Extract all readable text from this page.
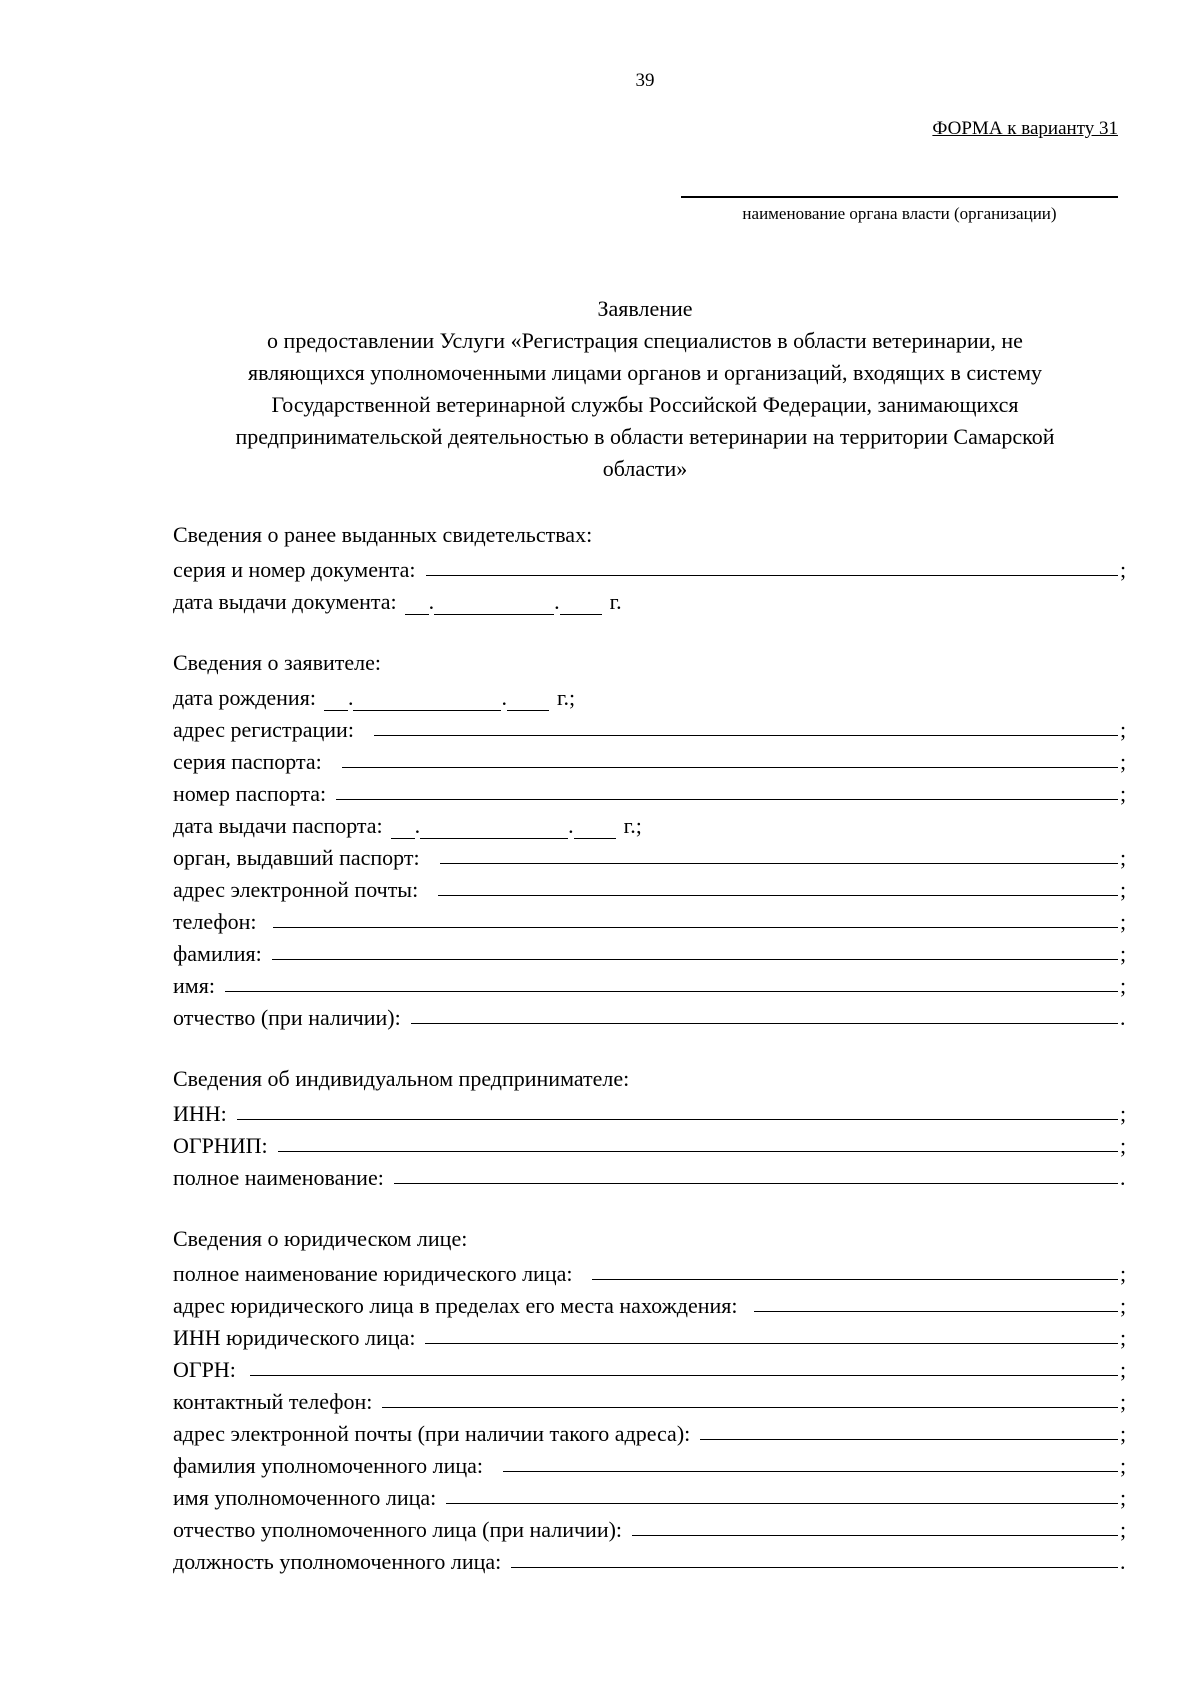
39
ФОРМА к варианту 31
наименование органа власти (организации)
Заявление
о предоставлении Услуги «Регистрация специалистов в области ветеринарии, не
являющихся уполномоченными лицами органов и организаций, входящих в систему
Государственной ветеринарной службы Российской Федерации, занимающихся
предпринимательской деятельностью в области ветеринарии на территории Самарской
области»
Сведения о ранее выданных свидетельствах:
серия и номер документа:	;
дата выдачи документа: .	. г.
Сведения о заявителе:
дата рождения: .	. г.;
адрес регистрации:	;
серия паспорта:	;
номер паспорта:	;
дата выдачи паспорта: .	. г.;
орган, выдавший паспорт:	;
адрес электронной почты:	;
телефон:	;
фамилия:	;
имя:	;
отчество (при наличии):	.
Сведения об индивидуальном предпринимателе:
ИНН:	;
ОГРНИП:	;
полное наименование:	.
Сведения о юридическом лице:
полное наименование юридического лица:	;
адрес юридического лица в пределах его места нахождения:	;
ИНН юридического лица:	;
ОГРН:	;
контактный телефон:	;
адрес электронной почты (при наличии такого адреса):	;
фамилия уполномоченного лица:	;
имя уполномоченного лица:	;
отчество уполномоченного лица (при наличии):	;
должность уполномоченного лица:	.
